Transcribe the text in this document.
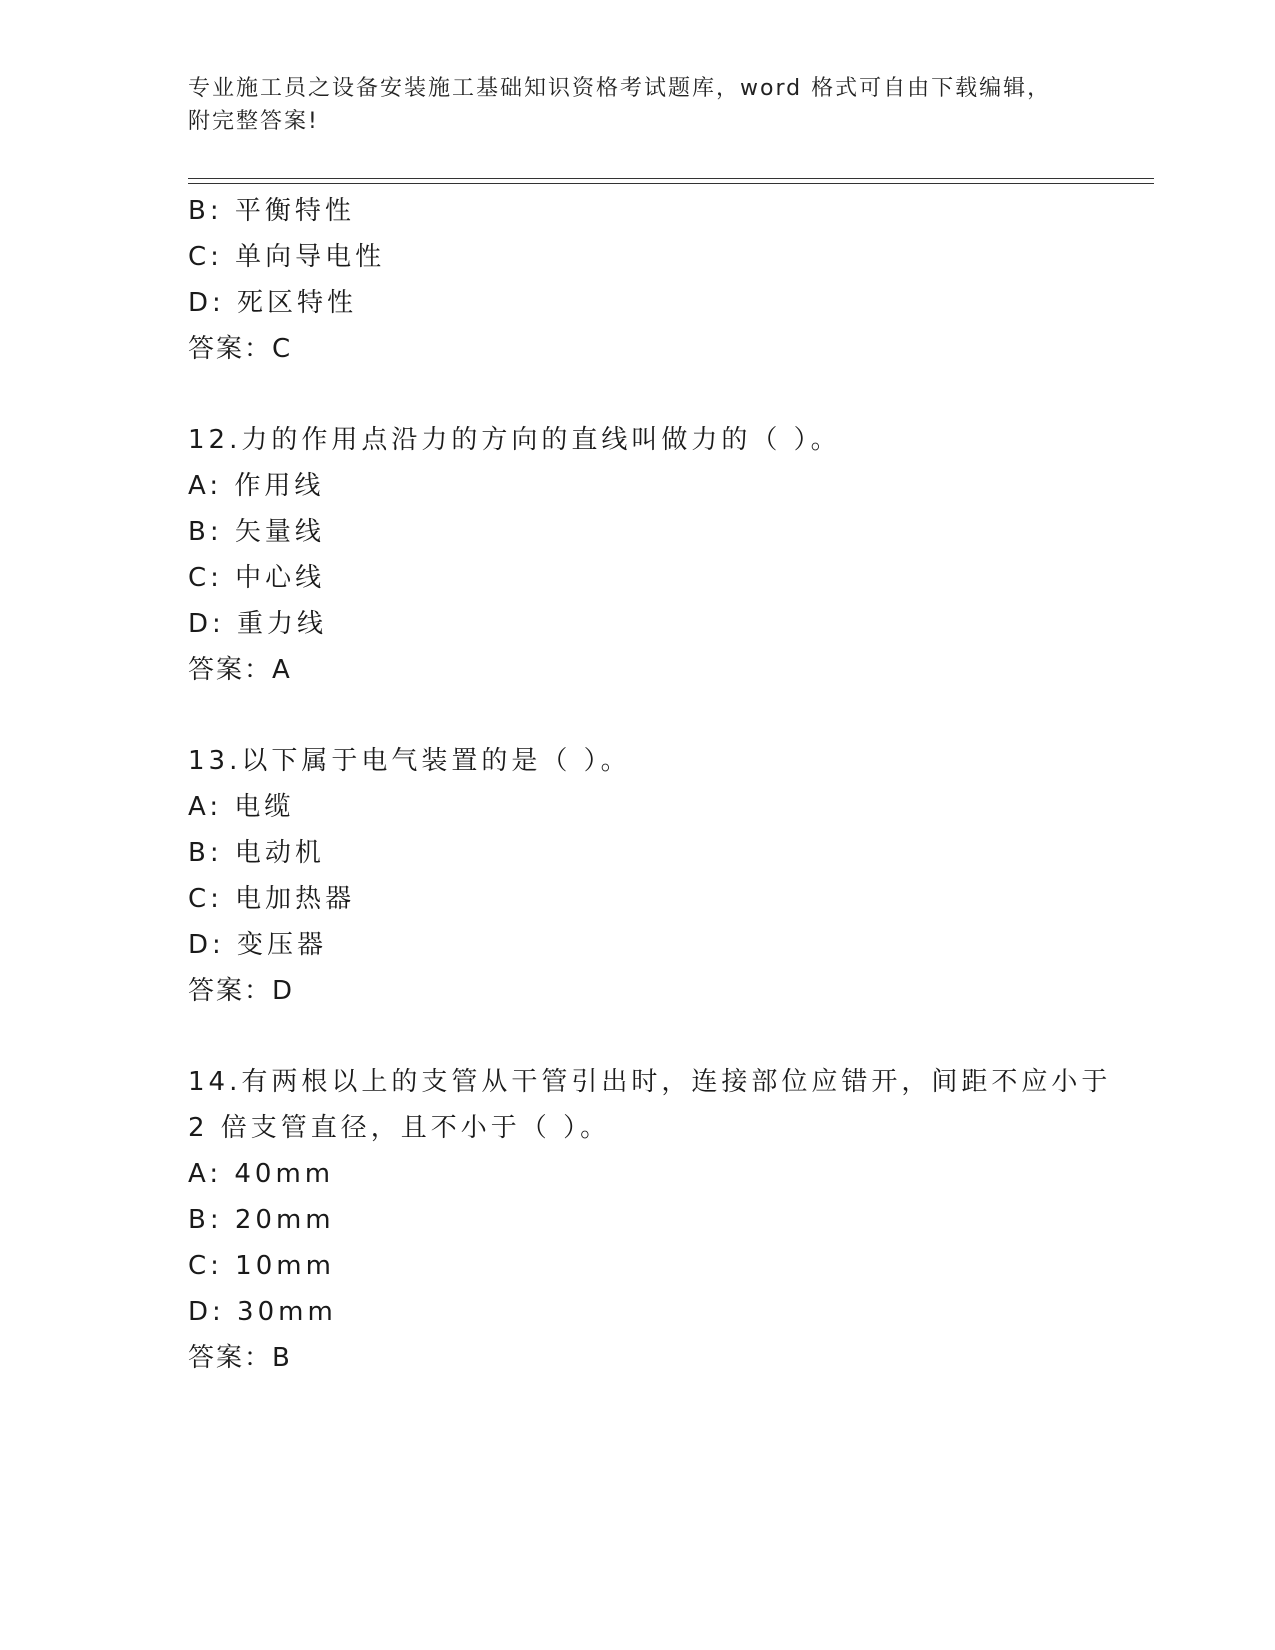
专业施工员之设备安装施工基础知识资格考试题库，word 格式可自由下载编辑，
附完整答案!
B: 平衡特性
C: 单向导电性
D: 死区特性
答案：C
12.力的作用点沿力的方向的直线叫做力的（ ）。
A: 作用线
B: 矢量线
C: 中心线
D: 重力线
答案：A
13.以下属于电气装置的是（ ）。
A: 电缆
B: 电动机
C: 电加热器
D: 变压器
答案：D
14.有两根以上的支管从干管引出时，连接部位应错开，间距不应小于
2 倍支管直径，且不小于（ ）。
A: 40mm
B: 20mm
C: 10mm
D: 30mm
答案：B
